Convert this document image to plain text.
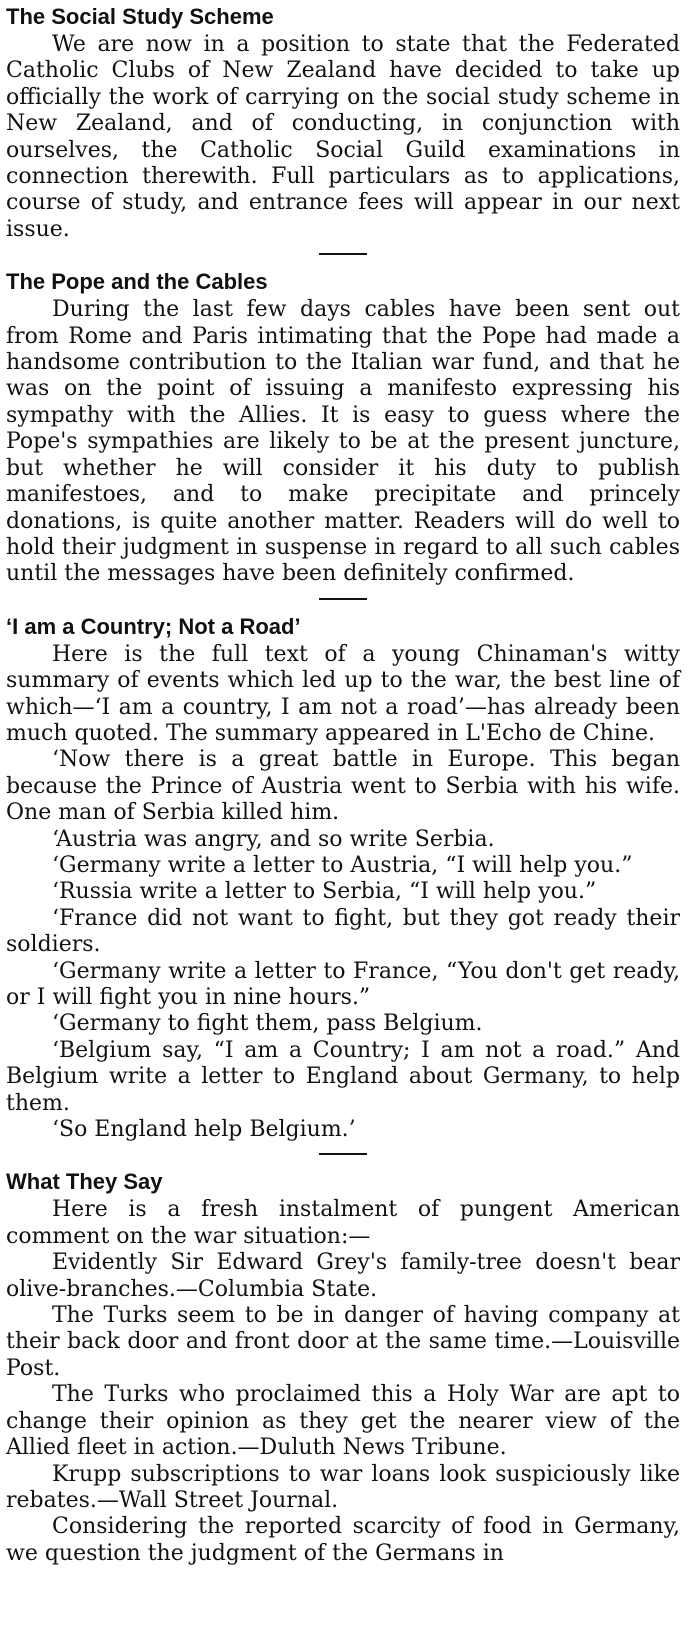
The Social Study Scheme

We are now in a position to state that the Federated Catholic Clubs of New Zealand have decided to take up officially the work of carrying on the social study scheme in New Zealand, and of conducting, in conjunction with ourselves, the Catholic Social Guild examinations in connection therewith. Full particulars as to applications, course of study, and entrance fees will appear in our next issue.

The Pope and the Cables

During the last few days cables have been sent out from Rome and Paris intimating that the Pope had made a handsome contribution to the Italian war fund, and that he was on the point of issuing a manifesto expressing his sympathy with the Allies. It is easy to guess where the Pope's sympathies are likely to be at the present juncture, but whether he will consider it his duty to publish manifestoes, and to make precipitate and princely donations, is quite another matter. Readers will do well to hold their judgment in suspense in regard to all such cables until the messages have been definitely confirmed.

‘I am a Country; Not a Road’

Here is the full text of a young Chinaman's witty summary of events which led up to the war, the best line of which—‘I am a country, I am not a road’—has already been much quoted. The summary appeared in L'Echo de Chine.

‘Now there is a great battle in Europe. This began because the Prince of Austria went to Serbia with his wife. One man of Serbia killed him.

‘Austria was angry, and so write Serbia.

‘Germany write a letter to Austria, “I will help you.”

‘Russia write a letter to Serbia, “I will help you.”

‘France did not want to fight, but they got ready their soldiers.

‘Germany write a letter to France, “You don't get ready, or I will fight you in nine hours.”

‘Germany to fight them, pass Belgium.

‘Belgium say, “I am a Country; I am not a road.” And Belgium write a letter to England about Germany, to help them.

‘So England help Belgium.’

What They Say

Here is a fresh instalment of pungent American comment on the war situation:—

Evidently Sir Edward Grey's family-tree doesn't bear olive-branches.—Columbia State.

The Turks seem to be in danger of having company at their back door and front door at the same time.—Louisville Post.

The Turks who proclaimed this a Holy War are apt to change their opinion as they get the nearer view of the Allied fleet in action.—Duluth News Tribune.

Krupp subscriptions to war loans look suspiciously like rebates.—Wall Street Journal.

Considering the reported scarcity of food in Germany, we question the judgment of the Germans in
